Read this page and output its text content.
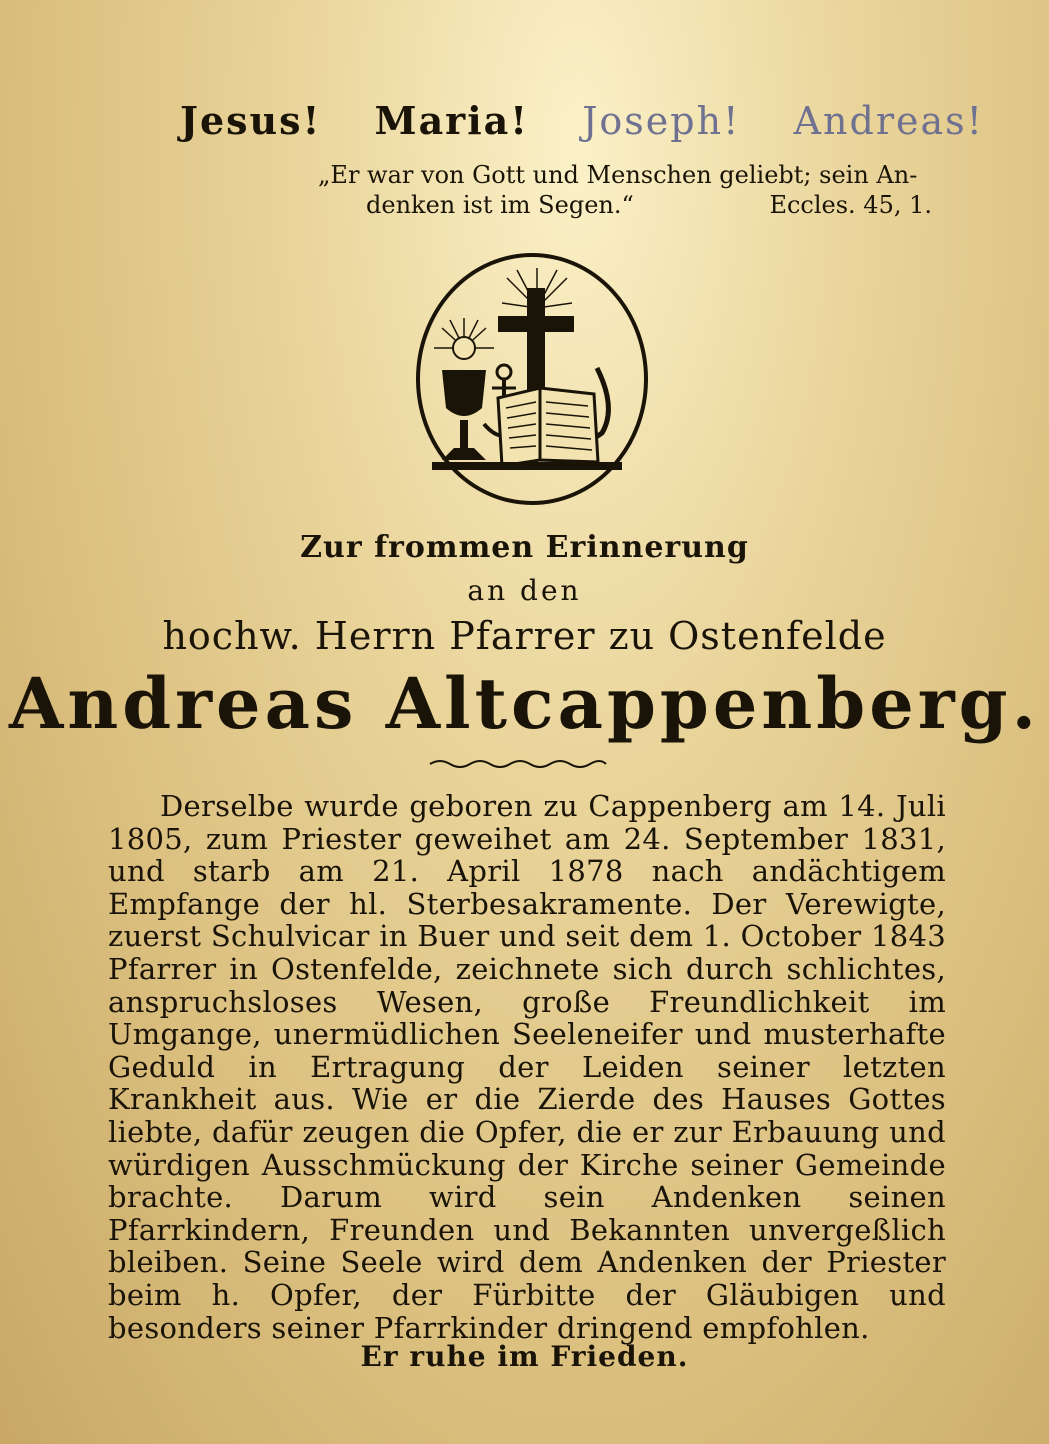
Jesus! Maria! Joseph! Andreas!
„Er war von Gott und Menschen geliebt; sein An-
denken ist im Segen.“	Eccles. 45, 1.
Zur frommen Erinnerung
an den
hochw. Herrn Pfarrer zu Ostenfelde
Andreas Altcappenberg.
Derselbe wurde geboren zu Cappenberg am 14. Juli 1805, zum Priester geweihet am 24. September 1831, und starb am 21. April 1878 nach andächtigem Empfange der hl. Sterbesakramente. Der Verewigte, zuerst Schulvicar in Buer und seit dem 1. October 1843 Pfarrer in Ostenfelde, zeichnete sich durch schlichtes, anspruchsloses Wesen, große Freundlichkeit im Umgange, unermüdlichen Seeleneifer und musterhafte Geduld in Ertragung der Leiden seiner letzten Krankheit aus. Wie er die Zierde des Hauses Gottes liebte, dafür zeugen die Opfer, die er zur Erbauung und würdigen Ausschmückung der Kirche seiner Gemeinde brachte. Darum wird sein Andenken seinen Pfarrkindern, Freunden und Bekannten unvergeßlich bleiben. Seine Seele wird dem Andenken der Priester beim h. Opfer, der Fürbitte der Gläubigen und besonders seiner Pfarrkinder dringend empfohlen.
Er ruhe im Frieden.
